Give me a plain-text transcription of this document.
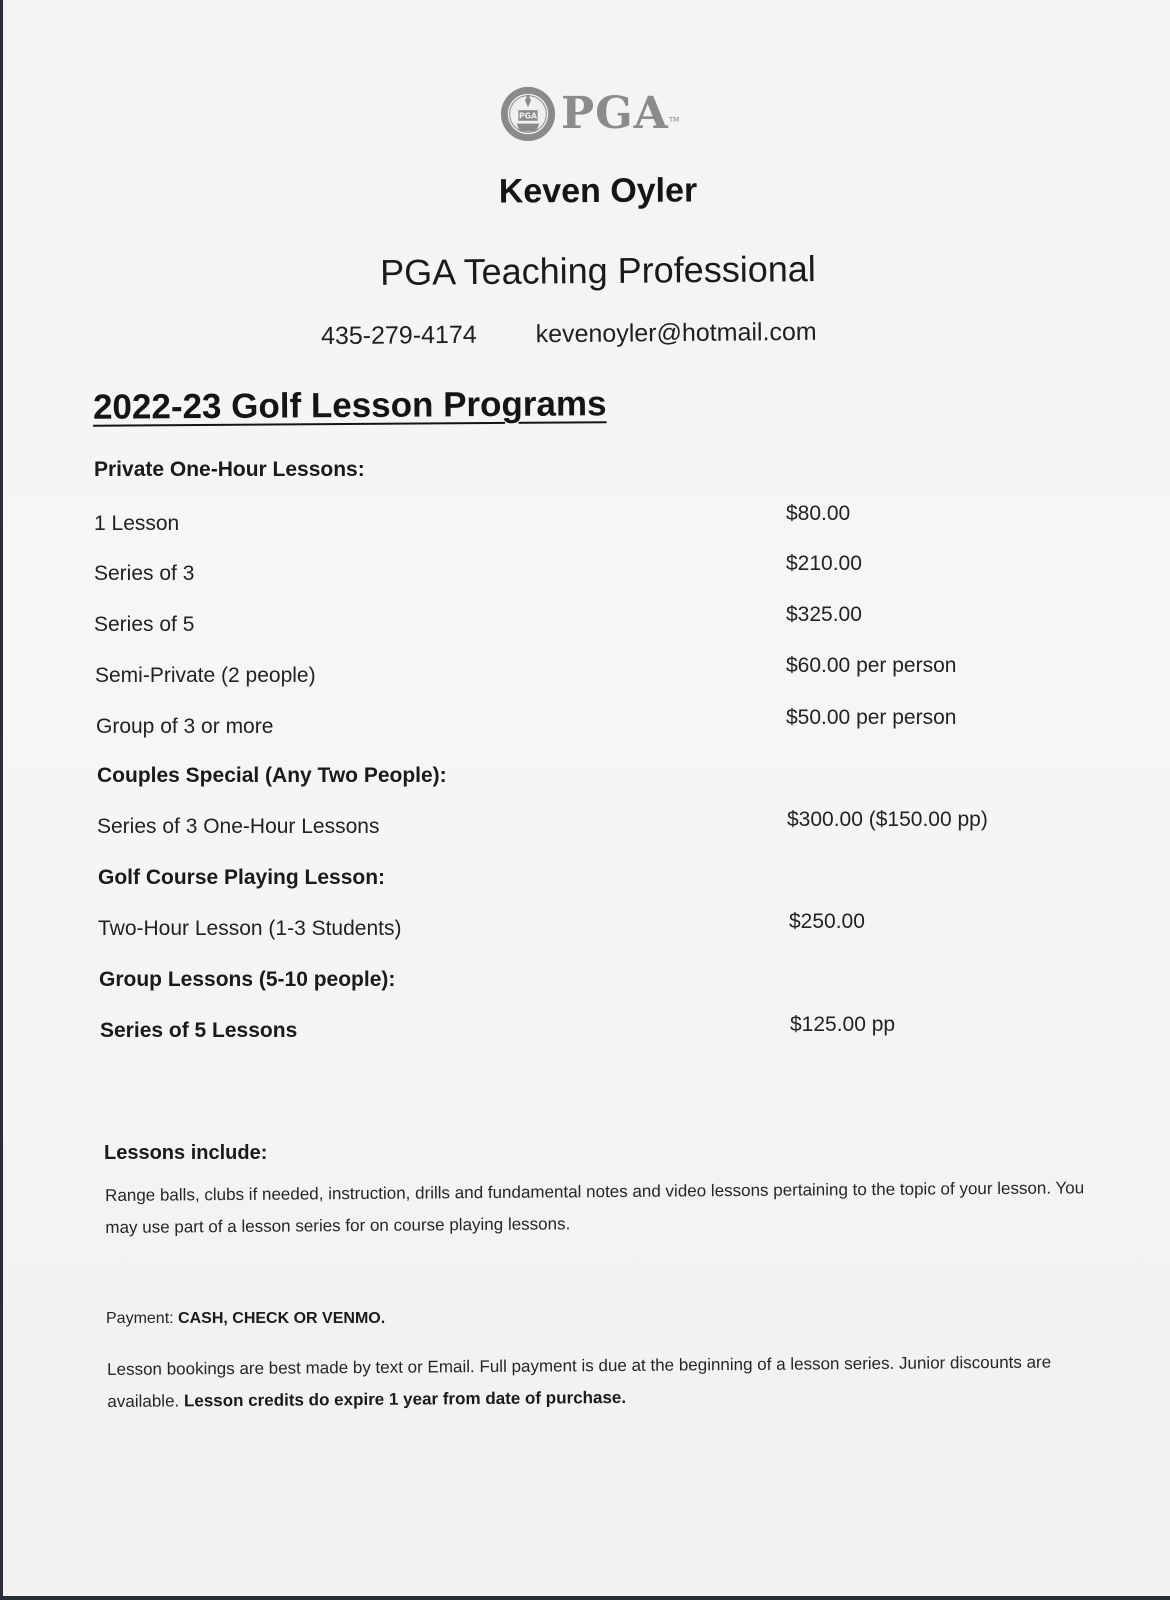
PGA PGA TM
Keven Oyler
PGA Teaching Professional
435-279-4174 kevenoyler@hotmail.com
2022-23 Golf Lesson Programs
Private One-Hour Lessons:
1 Lesson	$80.00
Series of 3	$210.00
Series of 5	$325.00
Semi-Private (2 people)	$60.00 per person
Group of 3 or more	$50.00 per person
Couples Special (Any Two People):
Series of 3 One-Hour Lessons	$300.00 ($150.00 pp)
Golf Course Playing Lesson:
Two-Hour Lesson (1-3 Students)	$250.00
Group Lessons (5-10 people):
Series of 5 Lessons	$125.00 pp
Lessons include:
Range balls, clubs if needed, instruction, drills and fundamental notes and video lessons pertaining to the topic of your lesson. You may use part of a lesson series for on course playing lessons.
Payment: CASH, CHECK OR VENMO.
Lesson bookings are best made by text or Email. Full payment is due at the beginning of a lesson series. Junior discounts are available. Lesson credits do expire 1 year from date of purchase.
